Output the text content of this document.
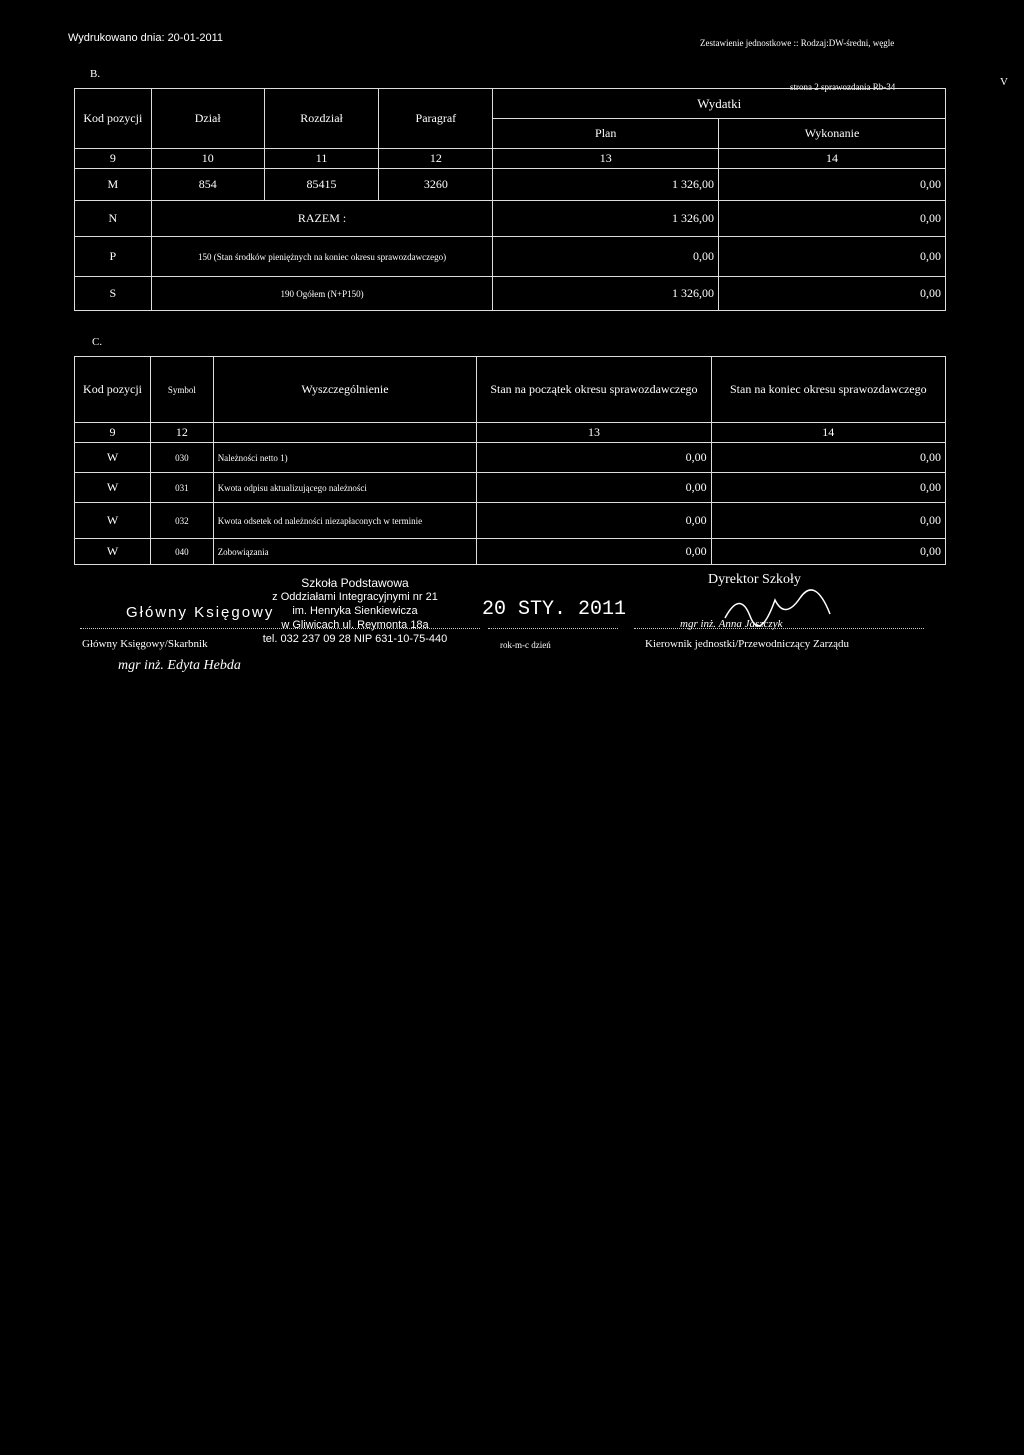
Wydrukowano dnia: 20-01-2011	Zestawienie jednostkowe :: Rodzaj:DW-średni, węgle
B.
strona 2 sprawozdania Rb-34
Kod pozycji	Dział	Rozdział	Paragraf	Wydatki	
				Plan	Wykonanie
9	10	11	12	13	14
M	854	85415	3260	1 326,00	0,00
N	RAZEM :			1 326,00	0,00
P	150 (Stan środków pieniężnych na koniec okresu sprawozdawczego)			0,00	0,00
S	190 Ogółem (N+P150)			1 326,00	0,00
C.
Kod pozycji	Symbol	Wyszczególnienie	Stan na początek okresu sprawozdawczego	Stan na koniec okresu sprawozdawczego
9	12		13	14
W	030	Należności netto 1)	0,00	0,00
W	031	Kwota odpisu aktualizującego należności	0,00	0,00
W	032	Kwota odsetek od należności niezapłaconych w terminie	0,00	0,00
W	040	Zobowiązania	0,00	0,00
Szkoła Podstawowa
z Oddziałami Integracyjnymi nr 21
im. Henryka Sienkiewicza
w Gliwicach ul. Reymonta 18a
tel. 032 237 09 28 NIP 631-10-75-440
Główny Księgowy
Główny Księgowy/Skarbnik
mgr inż. Edyta Hebda
20 STY. 2011
rok-m-c dzień
Dyrektor Szkoły
mgr inż. Anna Jaszczyk
Kierownik jednostki/Przewodniczący Zarządu
V
